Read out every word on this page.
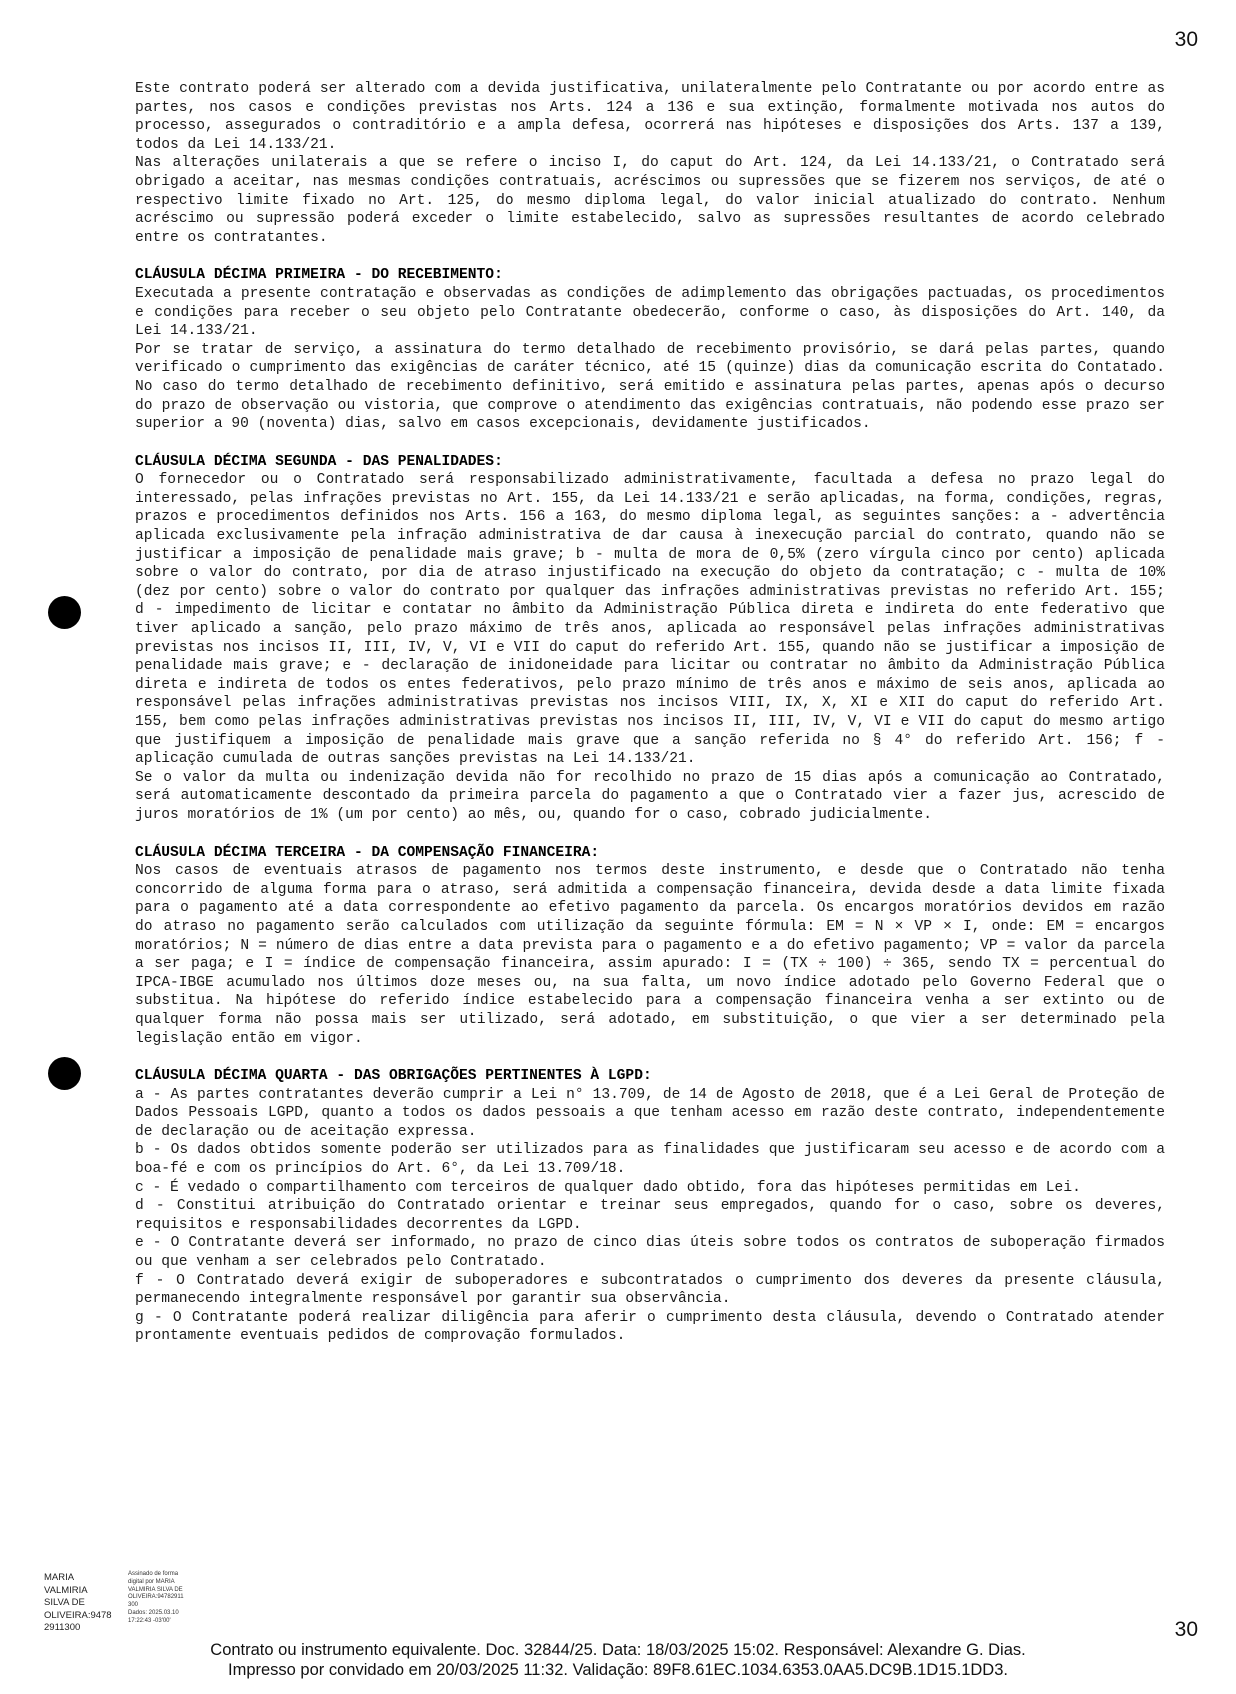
30

Este contrato poderá ser alterado com a devida justificativa, unilateralmente pelo Contratante ou por acordo entre as partes, nos casos e condições previstas nos Arts. 124 a 136 e sua extinção, formalmente motivada nos autos do processo, assegurados o contraditório e a ampla defesa, ocorrerá nas hipóteses e disposições dos Arts. 137 a 139, todos da Lei 14.133/21.

Nas alterações unilaterais a que se refere o inciso I, do caput do Art. 124, da Lei 14.133/21, o Contratado será obrigado a aceitar, nas mesmas condições contratuais, acréscimos ou supressões que se fizerem nos serviços, de até o respectivo limite fixado no Art. 125, do mesmo diploma legal, do valor inicial atualizado do contrato. Nenhum acréscimo ou supressão poderá exceder o limite estabelecido, salvo as supressões resultantes de acordo celebrado entre os contratantes.

CLÁUSULA DÉCIMA PRIMEIRA - DO RECEBIMENTO:

Executada a presente contratação e observadas as condições de adimplemento das obrigações pactuadas, os procedimentos e condições para receber o seu objeto pelo Contratante obedecerão, conforme o caso, às disposições do Art. 140, da Lei 14.133/21.

Por se tratar de serviço, a assinatura do termo detalhado de recebimento provisório, se dará pelas partes, quando verificado o cumprimento das exigências de caráter técnico, até 15 (quinze) dias da comunicação escrita do Contatado. No caso do termo detalhado de recebimento definitivo, será emitido e assinatura pelas partes, apenas após o decurso do prazo de observação ou vistoria, que comprove o atendimento das exigências contratuais, não podendo esse prazo ser superior a 90 (noventa) dias, salvo em casos excepcionais, devidamente justificados.

CLÁUSULA DÉCIMA SEGUNDA - DAS PENALIDADES:

O fornecedor ou o Contratado será responsabilizado administrativamente, facultada a defesa no prazo legal do interessado, pelas infrações previstas no Art. 155, da Lei 14.133/21 e serão aplicadas, na forma, condições, regras, prazos e procedimentos definidos nos Arts. 156 a 163, do mesmo diploma legal, as seguintes sanções: a - advertência aplicada exclusivamente pela infração administrativa de dar causa à inexecução parcial do contrato, quando não se justificar a imposição de penalidade mais grave; b - multa de mora de 0,5% (zero vírgula cinco por cento) aplicada sobre o valor do contrato, por dia de atraso injustificado na execução do objeto da contratação; c - multa de 10% (dez por cento) sobre o valor do contrato por qualquer das infrações administrativas previstas no referido Art. 155; d - impedimento de licitar e contatar no âmbito da Administração Pública direta e indireta do ente federativo que tiver aplicado a sanção, pelo prazo máximo de três anos, aplicada ao responsável pelas infrações administrativas previstas nos incisos II, III, IV, V, VI e VII do caput do referido Art. 155, quando não se justificar a imposição de penalidade mais grave; e - declaração de inidoneidade para licitar ou contratar no âmbito da Administração Pública direta e indireta de todos os entes federativos, pelo prazo mínimo de três anos e máximo de seis anos, aplicada ao responsável pelas infrações administrativas previstas nos incisos VIII, IX, X, XI e XII do caput do referido Art. 155, bem como pelas infrações administrativas previstas nos incisos II, III, IV, V, VI e VII do caput do mesmo artigo que justifiquem a imposição de penalidade mais grave que a sanção referida no § 4° do referido Art. 156; f - aplicação cumulada de outras sanções previstas na Lei 14.133/21.

Se o valor da multa ou indenização devida não for recolhido no prazo de 15 dias após a comunicação ao Contratado, será automaticamente descontado da primeira parcela do pagamento a que o Contratado vier a fazer jus, acrescido de juros moratórios de 1% (um por cento) ao mês, ou, quando for o caso, cobrado judicialmente.

CLÁUSULA DÉCIMA TERCEIRA - DA COMPENSAÇÃO FINANCEIRA:

Nos casos de eventuais atrasos de pagamento nos termos deste instrumento, e desde que o Contratado não tenha concorrido de alguma forma para o atraso, será admitida a compensação financeira, devida desde a data limite fixada para o pagamento até a data correspondente ao efetivo pagamento da parcela. Os encargos moratórios devidos em razão do atraso no pagamento serão calculados com utilização da seguinte fórmula: EM = N × VP × I, onde: EM = encargos moratórios; N = número de dias entre a data prevista para o pagamento e a do efetivo pagamento; VP = valor da parcela a ser paga; e I = índice de compensação financeira, assim apurado: I = (TX ÷ 100) ÷ 365, sendo TX = percentual do IPCA-IBGE acumulado nos últimos doze meses ou, na sua falta, um novo índice adotado pelo Governo Federal que o substitua. Na hipótese do referido índice estabelecido para a compensação financeira venha a ser extinto ou de qualquer forma não possa mais ser utilizado, será adotado, em substituição, o que vier a ser determinado pela legislação então em vigor.

CLÁUSULA DÉCIMA QUARTA - DAS OBRIGAÇÕES PERTINENTES À LGPD:

a - As partes contratantes deverão cumprir a Lei n° 13.709, de 14 de Agosto de 2018, que é a Lei Geral de Proteção de Dados Pessoais LGPD, quanto a todos os dados pessoais a que tenham acesso em razão deste contrato, independentemente de declaração ou de aceitação expressa.

b - Os dados obtidos somente poderão ser utilizados para as finalidades que justificaram seu acesso e de acordo com a boa-fé e com os princípios do Art. 6°, da Lei 13.709/18.

c - É vedado o compartilhamento com terceiros de qualquer dado obtido, fora das hipóteses permitidas em Lei.

d - Constitui atribuição do Contratado orientar e treinar seus empregados, quando for o caso, sobre os deveres, requisitos e responsabilidades decorrentes da LGPD.

e - O Contratante deverá ser informado, no prazo de cinco dias úteis sobre todos os contratos de suboperação firmados ou que venham a ser celebrados pelo Contratado.

f - O Contratado deverá exigir de suboperadores e subcontratados o cumprimento dos deveres da presente cláusula, permanecendo integralmente responsável por garantir sua observância.

g - O Contratante poderá realizar diligência para aferir o cumprimento desta cláusula, devendo o Contratado atender prontamente eventuais pedidos de comprovação formulados.

MARIA
VALMIRIA
SILVA DE
OLIVEIRA:9478
2911300
Assinado de forma
digital por MARIA
VALMIRIA SILVA DE
OLIVEIRA:94782911
300
Dados: 2025.03.10
17:22:43 -03'00'	30
Contrato ou instrumento equivalente. Doc. 32844/25. Data: 18/03/2025 15:02. Responsável: Alexandre G. Dias.
Impresso por convidado em 20/03/2025 11:32. Validação: 89F8.61EC.1034.6353.0AA5.DC9B.1D15.1DD3.
